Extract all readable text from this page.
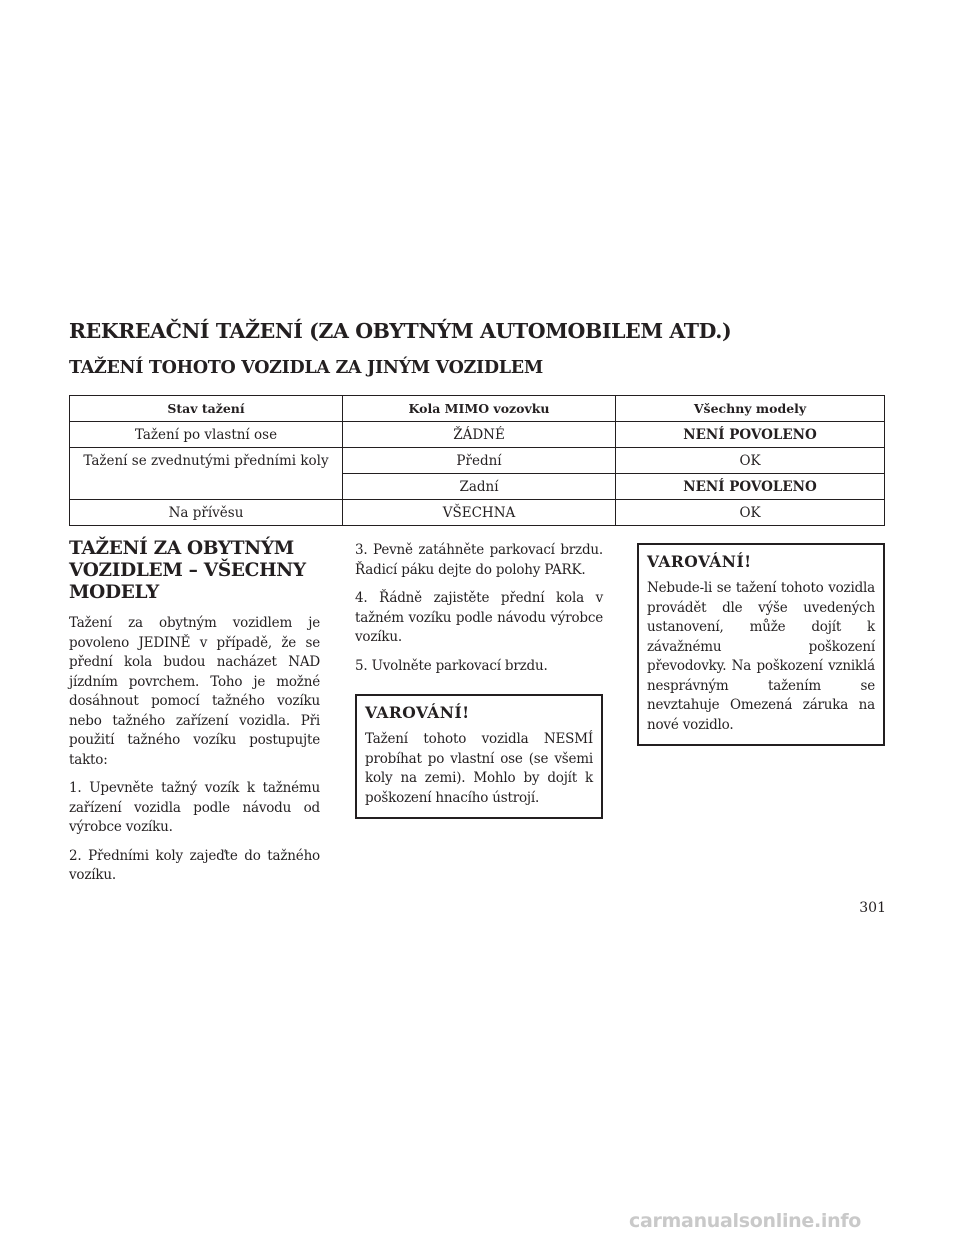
REKREAČNÍ TAŽENÍ (ZA OBYTNÝM AUTOMOBILEM ATD.)
TAŽENÍ TOHOTO VOZIDLA ZA JINÝM VOZIDLEM
Stav tažení	Kola MIMO vozovku	Všechny modely
Tažení po vlastní ose	ŽÁDNÉ	NENÍ POVOLENO
Tažení se zvednutými předními koly	Přední	OK
	Zadní	NENÍ POVOLENO
Na přívěsu	VŠECHNA	OK
TAŽENÍ ZA OBYTNÝM VOZIDLEM – VŠECHNY MODELY

Tažení za obytným vozidlem je povoleno JEDINĚ v případě, že se přední kola budou nacházet NAD jízdním povrchem. Toho je možné dosáhnout pomocí tažného vozíku nebo tažného zařízení vozidla. Při použití tažného vozíku postupujte takto:

1. Upevněte tažný vozík k tažnému zařízení vozidla podle návodu od výrobce vozíku.

2. Předními koly zajeďte do tažného vozíku.

3. Pevně zatáhněte parkovací brzdu. Řadicí páku dejte do polohy PARK.

4. Řádně zajistěte přední kola v tažném vozíku podle návodu výrobce vozíku.

5. Uvolněte parkovací brzdu.

VAROVÁNÍ!

Tažení tohoto vozidla NESMÍ probíhat po vlastní ose (se všemi koly na zemi). Mohlo by dojít k poškození hnacího ústrojí.

VAROVÁNÍ!

Nebude-li se tažení tohoto vozidla provádět dle výše uvedených ustanovení, může dojít k závažnému poškození převodovky. Na poškození vzniklá nesprávným tažením se nevztahuje Omezená záruka na nové vozidlo.

301
carmanualsonline.info
